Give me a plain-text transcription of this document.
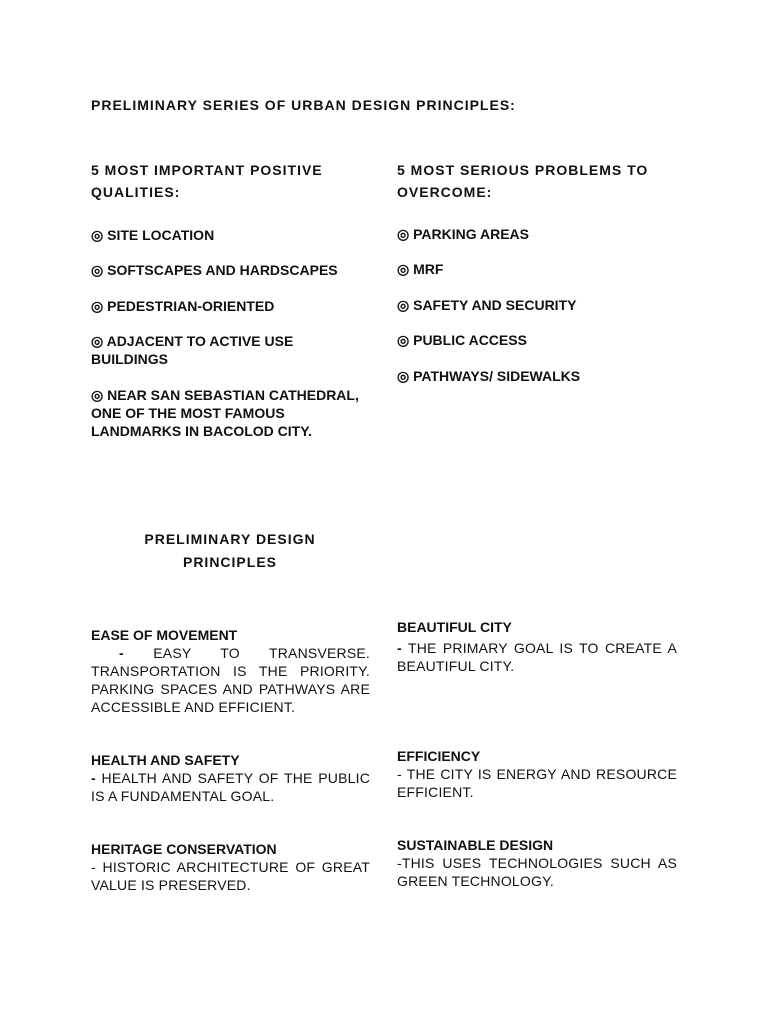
PRELIMINARY SERIES OF URBAN DESIGN PRINCIPLES:
5 MOST IMPORTANT POSITIVE QUALITIES:
◎ SITE LOCATION
◎ SOFTSCAPES AND HARDSCAPES
◎ PEDESTRIAN-ORIENTED
◎ ADJACENT TO ACTIVE USE BUILDINGS
◎ NEAR SAN SEBASTIAN CATHEDRAL, ONE OF THE MOST FAMOUS LANDMARKS IN BACOLOD CITY.
5 MOST SERIOUS PROBLEMS TO OVERCOME:
◎ PARKING AREAS
◎ MRF
◎ SAFETY AND SECURITY
◎ PUBLIC ACCESS
◎ PATHWAYS/ SIDEWALKS
PRELIMINARY DESIGN PRINCIPLES
EASE OF MOVEMENT
- EASY TO TRANSVERSE. TRANSPORTATION IS THE PRIORITY. PARKING SPACES AND PATHWAYS ARE ACCESSIBLE AND EFFICIENT.
BEAUTIFUL CITY
- THE PRIMARY GOAL IS TO CREATE A BEAUTIFUL CITY.
HEALTH AND SAFETY
- HEALTH AND SAFETY OF THE PUBLIC IS A FUNDAMENTAL GOAL.
EFFICIENCY
- THE CITY IS ENERGY AND RESOURCE EFFICIENT.
HERITAGE CONSERVATION
- HISTORIC ARCHITECTURE OF GREAT VALUE IS PRESERVED.
SUSTAINABLE DESIGN
-THIS USES TECHNOLOGIES SUCH AS GREEN TECHNOLOGY.
